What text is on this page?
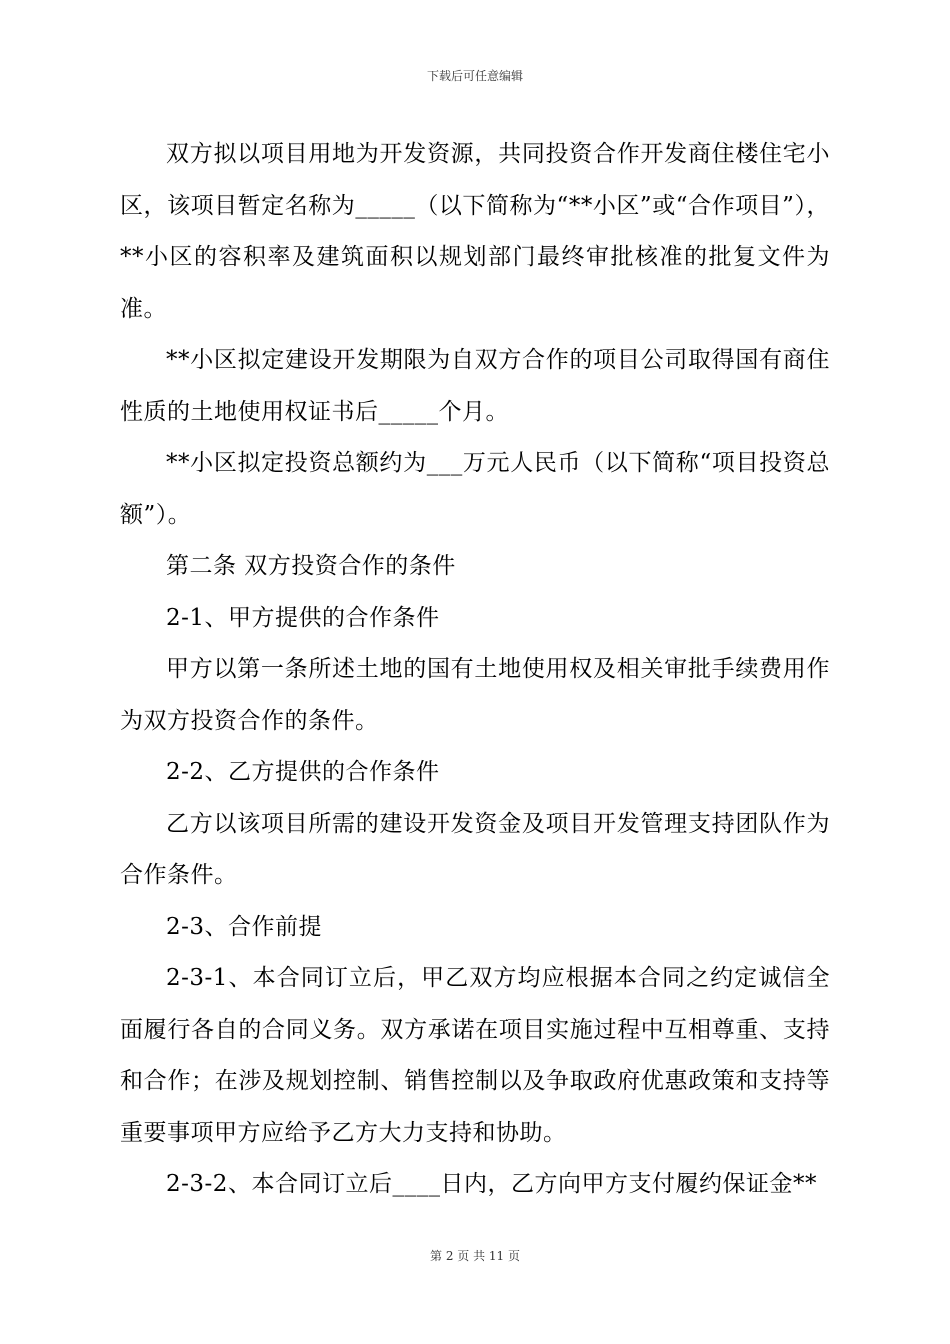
下载后可任意编辑

双方拟以项目用地为开发资源，共同投资合作开发商住楼住宅小区，该项目暂定名称为_____（以下简称为“**小区”或“合作项目”），**小区的容积率及建筑面积以规划部门最终审批核准的批复文件为准。

**小区拟定建设开发期限为自双方合作的项目公司取得国有商住性质的土地使用权证书后_____个月。

**小区拟定投资总额约为___万元人民币（以下简称“项目投资总额”）。

第二条 双方投资合作的条件

2-1、甲方提供的合作条件

甲方以第一条所述土地的国有土地使用权及相关审批手续费用作为双方投资合作的条件。

2-2、乙方提供的合作条件

乙方以该项目所需的建设开发资金及项目开发管理支持团队作为合作条件。

2-3、合作前提

2-3-1、本合同订立后，甲乙双方均应根据本合同之约定诚信全面履行各自的合同义务。双方承诺在项目实施过程中互相尊重、支持和合作；在涉及规划控制、销售控制以及争取政府优惠政策和支持等重要事项甲方应给予乙方大力支持和协助。

2-3-2、本合同订立后____日内，乙方向甲方支付履约保证金**

第 2 页 共 11 页
